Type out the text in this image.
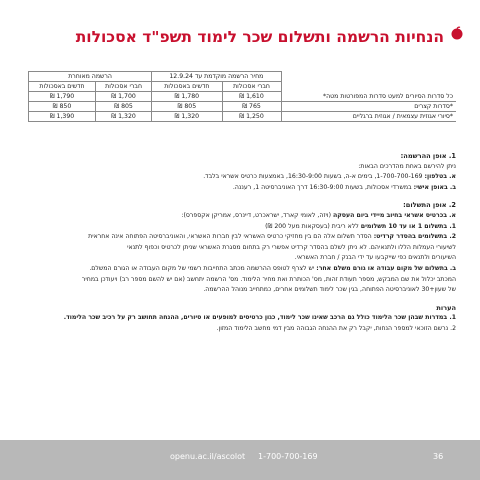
הנחיות הרשמה ותשלום שכר לימוד תשפ"ד אסכולות
	מחיר הרשמה מוקדמת עד 12.9.24		הרשמה מאוחרת	
	חברי אסכולות	חדשים באסכולות	חברי אסכולות	חדשים באסכולות
כל סדרות הסיורים למעט סדרות המפורטות מטה*	1,610 ₪	1,780 ₪	1,700 ₪	1,790 ₪
*סדרות קצרים	765 ₪	805 ₪	805 ₪	850 ₪
*סיורי אגוזית עצמאית / אגוזית ברגליים	1,250 ₪	1,320 ₪	1,320 ₪	1,390 ₪
1. אופן ההרשמה:
ניתן להירשם באחת מהדרכים הבאות:
א. בטלפון: 1-700-700-169, בימים א-ה, בשעות 16:30-9:00, באמצעות כרטיס אשראי בלבד.
ב. באופן אישי: במשרדי אסכולות, בשעות 16:30-9:00 דרך האוניברסיטה 1, רעננה.
2. אופן התשלום:
א. בכרטיס אשראי בחיוב מיידי ביום העסקה (ויזה, לאומי קארד, ישראכרט, דיינרס, אמריקן אקספרס):
1. בתשלום 1 או עד 10 תשלומים ללא ריבית (בעסקאות מעל 200 ₪)
2. בתשלומים בהסדר קרדיט: הסדר תשלום אלה הם בין מחזיקי כרטיס האשראי לבין חברות האשראי, והאוניברסיטה הפתוחה אינה אחראית
לשיעורי העמלות הללו ולתנאיהם. לא ניתן לשלם בהסדר קרדיט אפשרי רק בתחום מסגרת האשראי שניתן לכרטיס וכפוף לתנאי
השיעורים ולתנאים כפי שייקבעו עד ידי הבנק / חברת האשראי.
ב. בתשלום של מקום עבודה או גורם משלם אחר: יש לצרף לטופס ההרשמה מכתב התחייבות רשמי של מקום העבודה או הגורם המשלם.
המכתב יכלול את שם המבקש, מספר תעודת זהות, מס' הכותרת ואת מחיר הלימוד. מס' הרשמה יתחשב (אם יש להשם מספר רב) ויעודכן במחיר
של שעון+30 לאוניברסיטה הפתוחה, בגין שכר לימוד תשלומים אחרים, כמתחייב מנוהל ההרשמה.
הערות
1. במדרות שבהן שכר הלימוד כולל גם הרכב שאינו שכר לימוד, כגון כרטיסים למופעים או סיורים, ההנחה תחושב רק על רכיב שכר הלימוד.
2. נרשם הזוכאי למספר הנחות, יקבל רק את ההנחה הגבוהה מבין דמי מחשב הלימוד המזון.
openu.ac.il/ascolot 1-700-700-169	36
